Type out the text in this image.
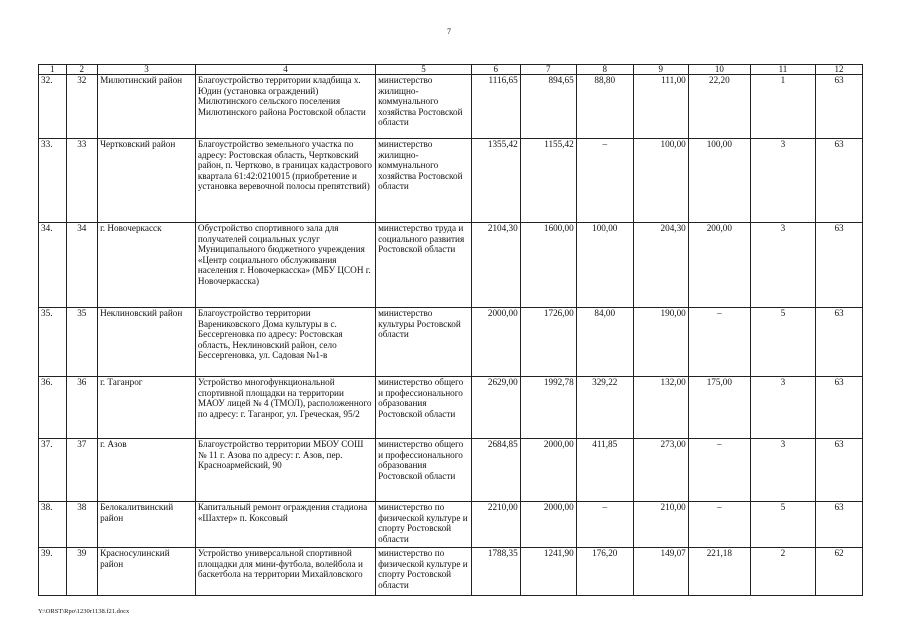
7
1	2	3	4	5	6	7	8	9	10	11	12
32.	32	Милютинский район	Благоустройство территории кладбища х. Юдин (установка ограждений) Милютинского сельского поселения Милютинского района Ростовской области	министерство жилищно-коммунального хозяйства Ростовской области	1116,65	894,65	88,80	111,00	22,20	1	63
33.	33	Чертковский район	Благоустройство земельного участка по адресу: Ростовская область, Чертковский район, п. Чертково, в границах кадастрового квартала 61:42:0210015 (приобретение и установка веревочной полосы препятствий)	министерство жилищно-коммунального хозяйства Ростовской области	1355,42	1155,42	–	100,00	100,00	3	63
34.	34	г. Новочеркасск	Обустройство спортивного зала для получателей социальных услуг Муниципального бюджетного учреждения «Центр социального обслуживания населения г. Новочеркасска» (МБУ ЦСОН г. Новочеркасска)	министерство труда и социального развития Ростовской области	2104,30	1600,00	100,00	204,30	200,00	3	63
35.	35	Неклиновский район	Благоустройство территории Варениковского Дома культуры в с. Бессергеновка по адресу: Ростовская область, Неклиновский район, село Бессергеновка, ул. Садовая №1-в	министерство культуры Ростовской области	2000,00	1726,00	84,00	190,00	–	5	63
36.	36	г. Таганрог	Устройство многофункциональной спортивной площадки на территории МАОУ лицей № 4 (ТМОЛ), расположенного по адресу: г. Таганрог, ул. Греческая, 95/2	министерство общего и профессионального образования Ростовской области	2629,00	1992,78	329,22	132,00	175,00	3	63
37.	37	г. Азов	Благоустройство территории МБОУ СОШ № 11 г. Азова по адресу: г. Азов, пер. Красноармейский, 90	министерство общего и профессионального образования Ростовской области	2684,85	2000,00	411,85	273,00	–	3	63
38.	38	Белокалитвинский район	Капитальный ремонт ограждения стадиона «Шахтер» п. Коксовый	министерство по физической культуре и спорту Ростовской области	2210,00	2000,00	–	210,00	–	5	63
39.	39	Красносулинский район	Устройство универсальной спортивной площадки для мини-футбола, волейбола и баскетбола на территории Михайловского	министерство по физической культуре и спорту Ростовской области	1788,35	1241,90	176,20	149,07	221,18	2	62
Y:\ORST\Rpo\1230r1138.f21.docx
